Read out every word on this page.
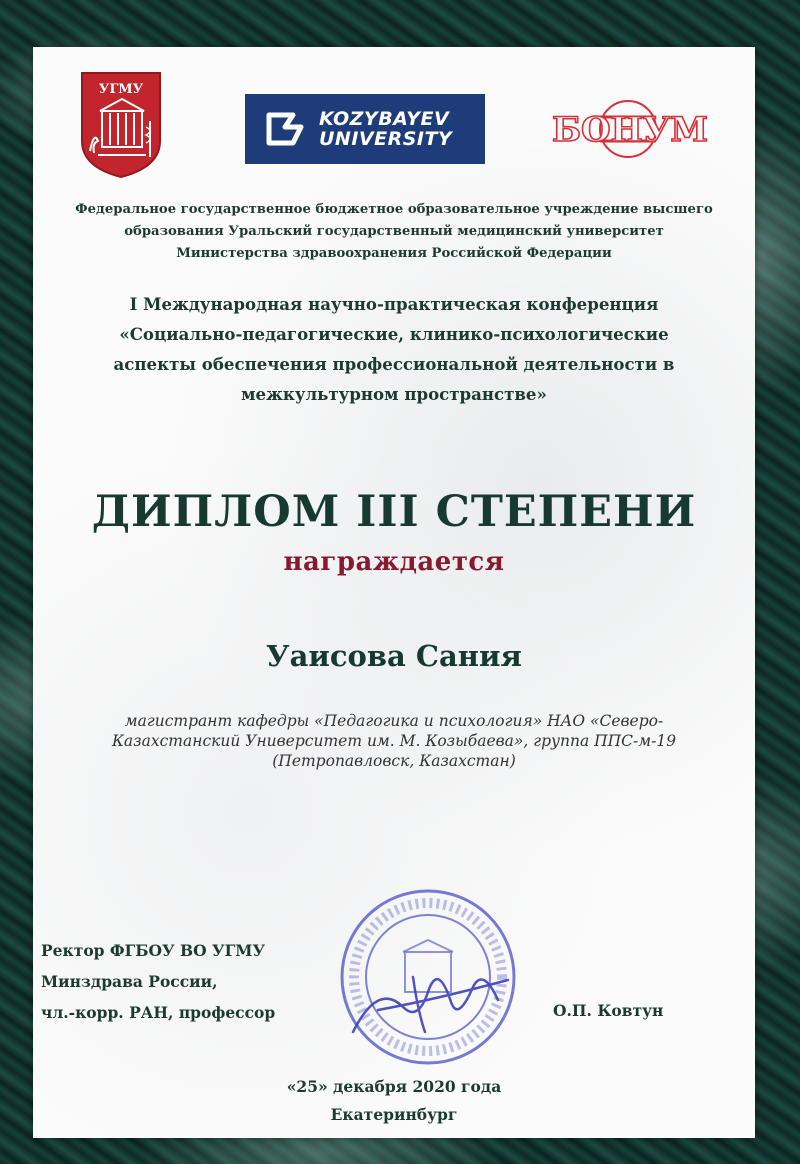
УГМУ
KOZYBAYEV
UNIVERSITY	БОНУМ
Федеральное государственное бюджетное образовательное учреждение высшего
образования Уральский государственный медицинский университет
Министерства здравоохранения Российской Федерации
I Международная научно-практическая конференция
«Социально-педагогические, клинико-психологические
аспекты обеспечения профессиональной деятельности в
межкультурном пространстве»
ДИПЛОМ III СТЕПЕНИ
награждается
Уаисова Сания
магистрант кафедры «Педагогика и психология» НАО «Северо-
Казахстанский Университет им. М. Козыбаева», группа ППС-м-19
(Петропавловск, Казахстан)
Ректор ФГБОУ ВО УГМУ
Минздрава России,
чл.-корр. РАН, профессор	О.П. Ковтун
«25» декабря 2020 года
Екатеринбург
